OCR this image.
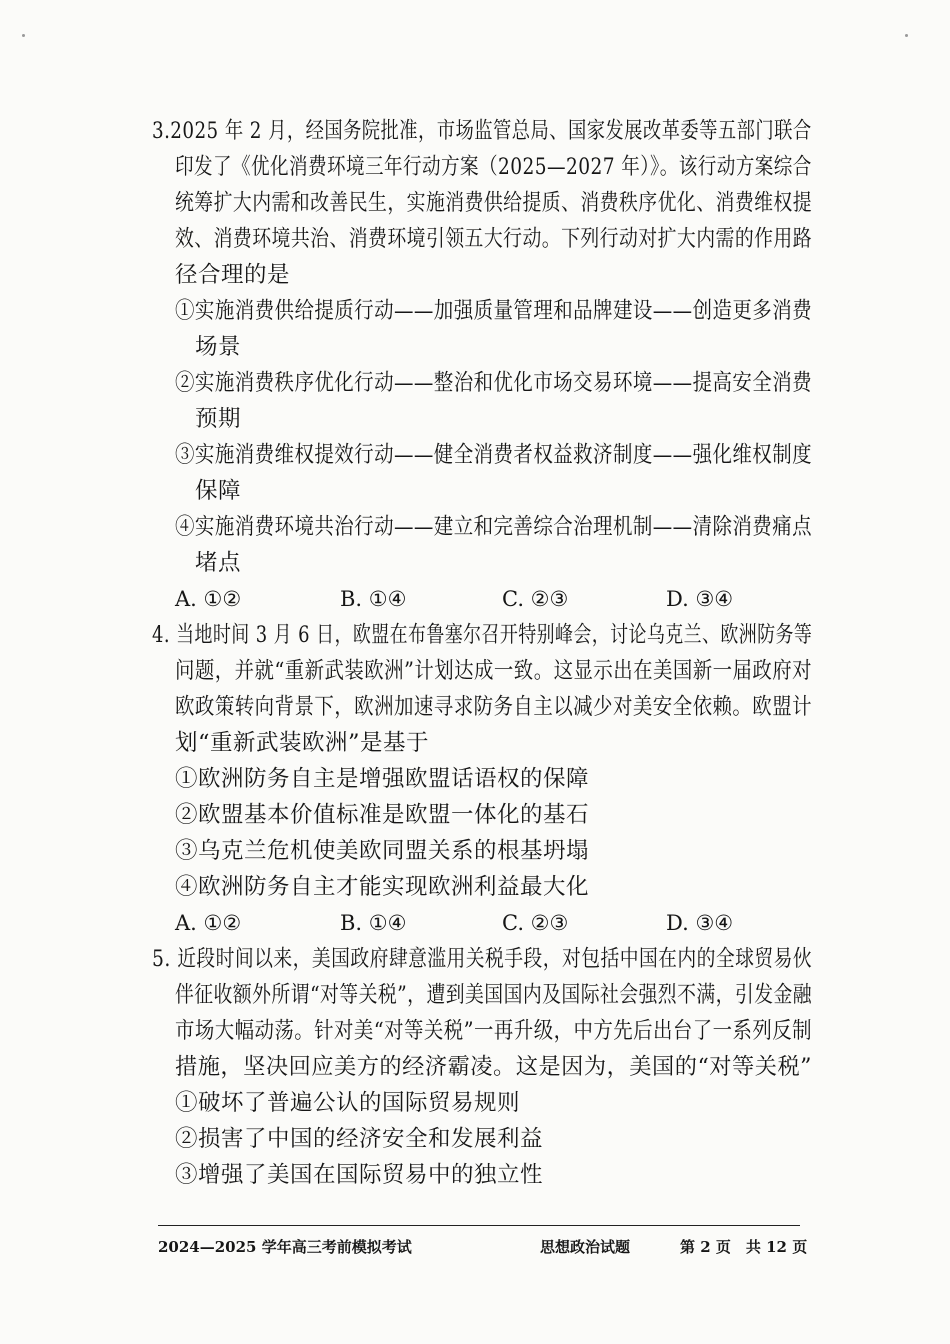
3.2025 年 2 月，经国务院批准，市场监管总局、国家发展改革委等五部门联合
印发了《优化消费环境三年行动方案（2025—2027 年）》。该行动方案综合
统筹扩大内需和改善民生，实施消费供给提质、消费秩序优化、消费维权提
效、消费环境共治、消费环境引领五大行动。下列行动对扩大内需的作用路
径合理的是
①实施消费供给提质行动——加强质量管理和品牌建设——创造更多消费
场景
②实施消费秩序优化行动——整治和优化市场交易环境——提高安全消费
预期
③实施消费维权提效行动——健全消费者权益救济制度——强化维权制度
保障
④实施消费环境共治行动——建立和完善综合治理机制——清除消费痛点
堵点
A. ①②	B. ①④	C. ②③	D. ③④
4. 当地时间 3 月 6 日，欧盟在布鲁塞尔召开特别峰会，讨论乌克兰、欧洲防务等
问题，并就“重新武装欧洲”计划达成一致。这显示出在美国新一届政府对
欧政策转向背景下，欧洲加速寻求防务自主以减少对美安全依赖。欧盟计
划“重新武装欧洲”是基于
①欧洲防务自主是增强欧盟话语权的保障
②欧盟基本价值标准是欧盟一体化的基石
③乌克兰危机使美欧同盟关系的根基坍塌
④欧洲防务自主才能实现欧洲利益最大化
A. ①②	B. ①④	C. ②③	D. ③④
5. 近段时间以来，美国政府肆意滥用关税手段，对包括中国在内的全球贸易伙
伴征收额外所谓“对等关税”，遭到美国国内及国际社会强烈不满，引发金融
市场大幅动荡。针对美“对等关税”一再升级，中方先后出台了一系列反制
措施，坚决回应美方的经济霸凌。这是因为，美国的“对等关税”
①破坏了普遍公认的国际贸易规则
②损害了中国的经济安全和发展利益
③增强了美国在国际贸易中的独立性
2024—2025 学年高三考前模拟考试	思想政治试题	第 2 页　共 12 页
